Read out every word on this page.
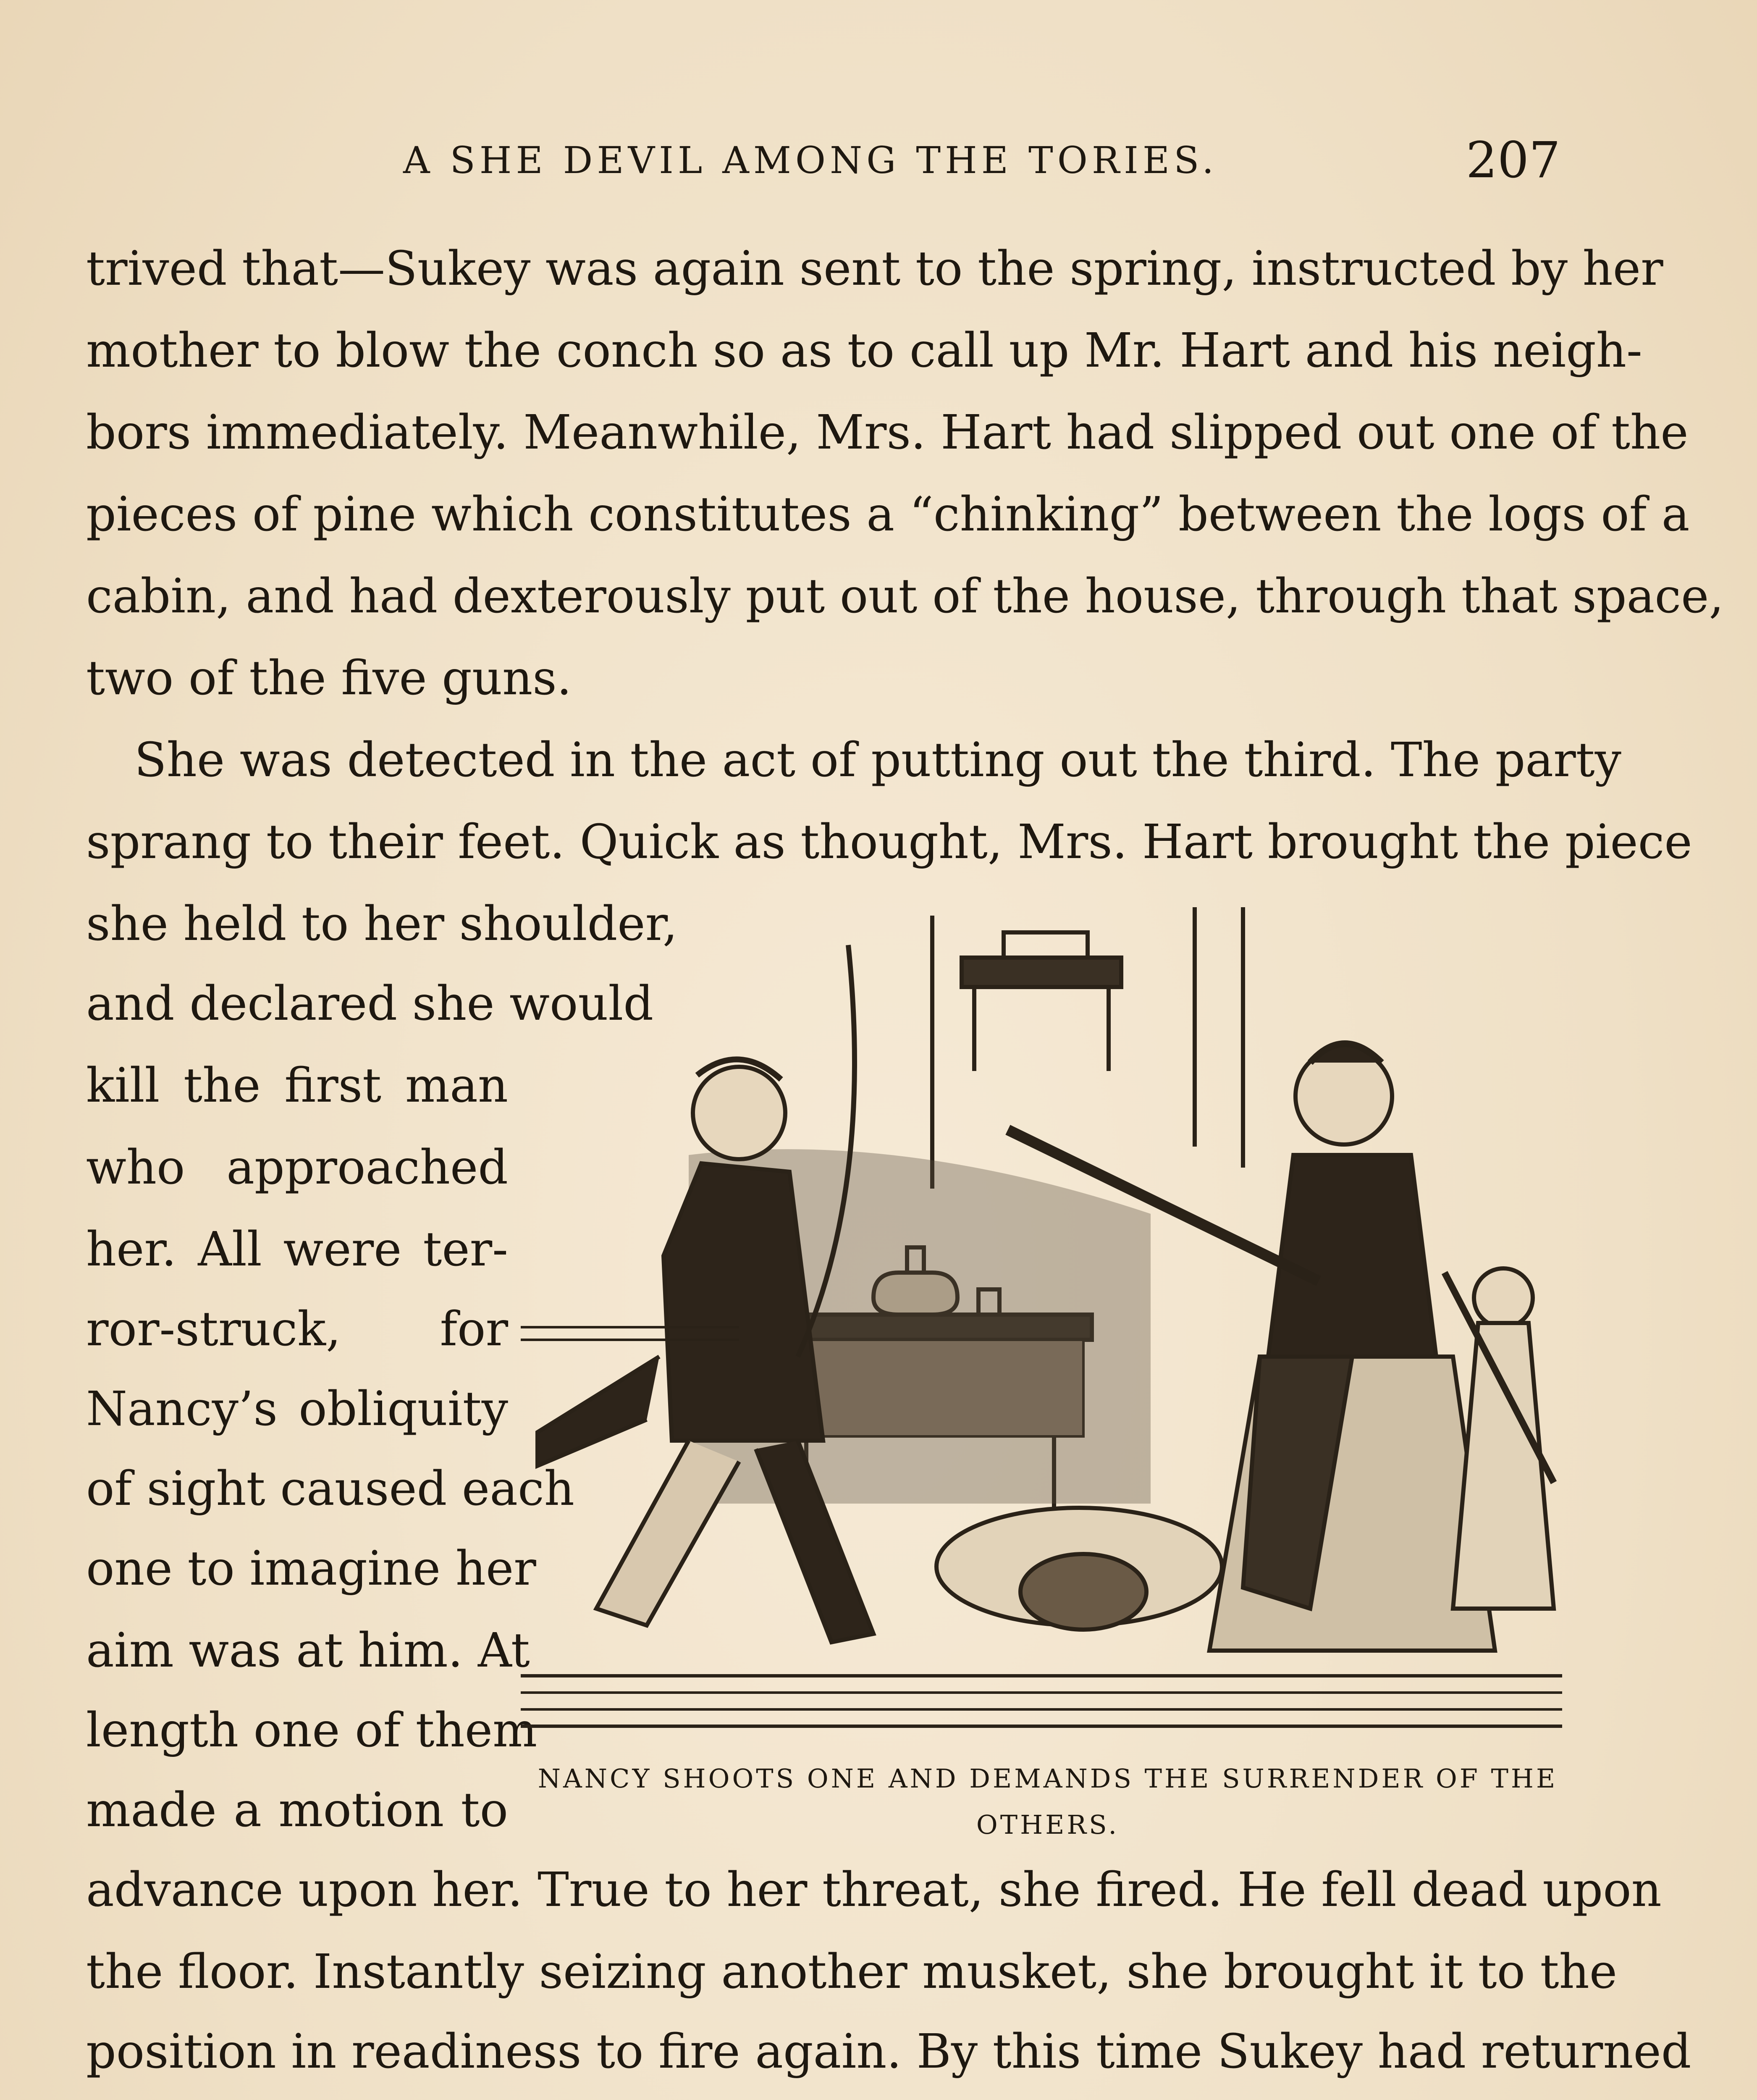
A SHE DEVIL AMONG THE TORIES.	207
trived that—Sukey was again sent to the spring, instructed by her
mother to blow the conch so as to call up Mr. Hart and his neigh-
bors immediately. Meanwhile, Mrs. Hart had slipped out one of the
pieces of pine which constitutes a “chinking” between the logs of a
cabin, and had dexterously put out of the house, through that space,
two of the five guns.
She was detected in the act of putting out the third. The party
sprang to their feet. Quick as thought, Mrs. Hart brought the piece
she held to her shoulder,
and declared she would
kill the first man
who approached
her. All were ter-
ror-struck, for
Nancy’s obliquity
of sight caused each
one to imagine her
aim was at him. At
length one of them
made a motion to
NANCY SHOOTS ONE AND DEMANDS THE SURRENDER OF THE
OTHERS.
advance upon her. True to her threat, she fired. He fell dead upon
the floor. Instantly seizing another musket, she brought it to the
position in readiness to fire again. By this time Sukey had returned
